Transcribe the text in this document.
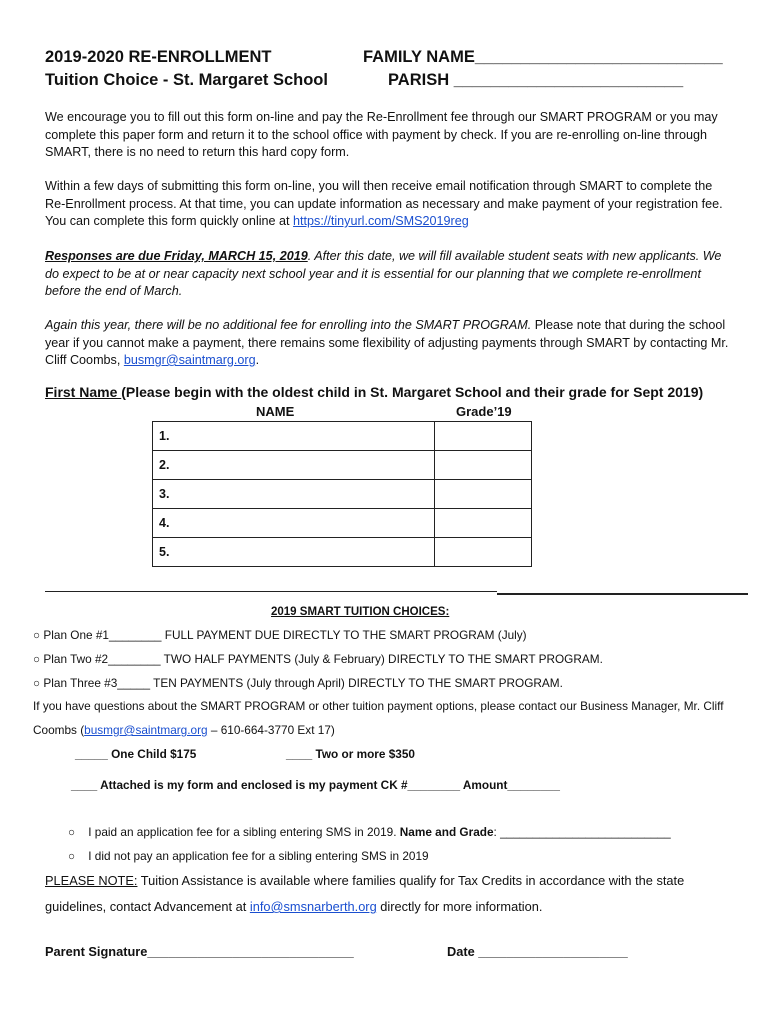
2019-2020 RE-ENROLLMENT
Tuition Choice - St. Margaret School
FAMILY NAME___________________________
PARISH _________________________
We encourage you to fill out this form on-line and pay the Re-Enrollment fee through our SMART PROGRAM or you may complete this paper form and return it to the school office with payment by check. If you are re-enrolling on-line through SMART, there is no need to return this hard copy form.
Within a few days of submitting this form on-line, you will then receive email notification through SMART to complete the Re-Enrollment process. At that time, you can update information as necessary and make payment of your registration fee. You can complete this form quickly online at https://tinyurl.com/SMS2019reg
Responses are due Friday, MARCH 15, 2019. After this date, we will fill available student seats with new applicants. We do expect to be at or near capacity next school year and it is essential for our planning that we complete re-enrollment before the end of March.
Again this year, there will be no additional fee for enrolling into the SMART PROGRAM. Please note that during the school year if you cannot make a payment, there remains some flexibility of adjusting payments through SMART by contacting Mr. Cliff Coombs, busmgr@saintmarg.org.
First Name (Please begin with the oldest child in St. Margaret School and their grade for Sept 2019)
NAME	Grade’19
1.	
2.	
3.	
4.	
5.	
2019 SMART TUITION CHOICES:
○ Plan One #1________ FULL PAYMENT DUE DIRECTLY TO THE SMART PROGRAM (July)
○ Plan Two #2________ TWO HALF PAYMENTS (July & February) DIRECTLY TO THE SMART PROGRAM.
○ Plan Three #3_____ TEN PAYMENTS (July through April) DIRECTLY TO THE SMART PROGRAM.
If you have questions about the SMART PROGRAM or other tuition payment options, please contact our Business Manager, Mr. Cliff
Coombs (busmgr@saintmarg.org – 610-664-3770 Ext 17)
_____ One Child $175	____ Two or more $350
____ Attached is my form and enclosed is my payment CK #________ Amount________
○    I paid an application fee for a sibling entering SMS in 2019. Name and Grade: __________________________
○    I did not pay an application fee for a sibling entering SMS in 2019
PLEASE NOTE: Tuition Assistance is available where families qualify for Tax Credits in accordance with the state
guidelines, contact Advancement at info@smsnarberth.org directly for more information.
Parent Signature_____________________________	Date _____________________
